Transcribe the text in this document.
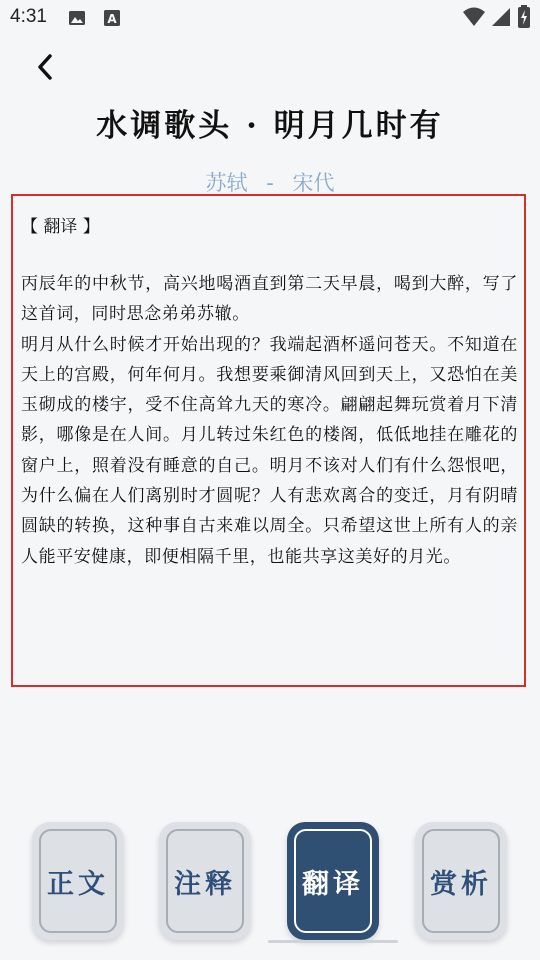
4:31	A
水调歌头 · 明月几时有
苏轼 - 宋代

【 翻译 】

丙辰年的中秋节，高兴地喝酒直到第二天早晨，喝到大醉，写了这首词，同时思念弟弟苏辙。
明月从什么时候才开始出现的？我端起酒杯遥问苍天。不知道在天上的宫殿，何年何月。我想要乘御清风回到天上，又恐怕在美玉砌成的楼宇，受不住高耸九天的寒冷。翩翩起舞玩赏着月下清影，哪像是在人间。月儿转过朱红色的楼阁，低低地挂在雕花的窗户上，照着没有睡意的自己。明月不该对人们有什么怨恨吧，为什么偏在人们离别时才圆呢？人有悲欢离合的变迁，月有阴晴圆缺的转换，这种事自古来难以周全。只希望这世上所有人的亲人能平安健康，即便相隔千里，也能共享这美好的月光。

正文 注释 翻译 赏析
